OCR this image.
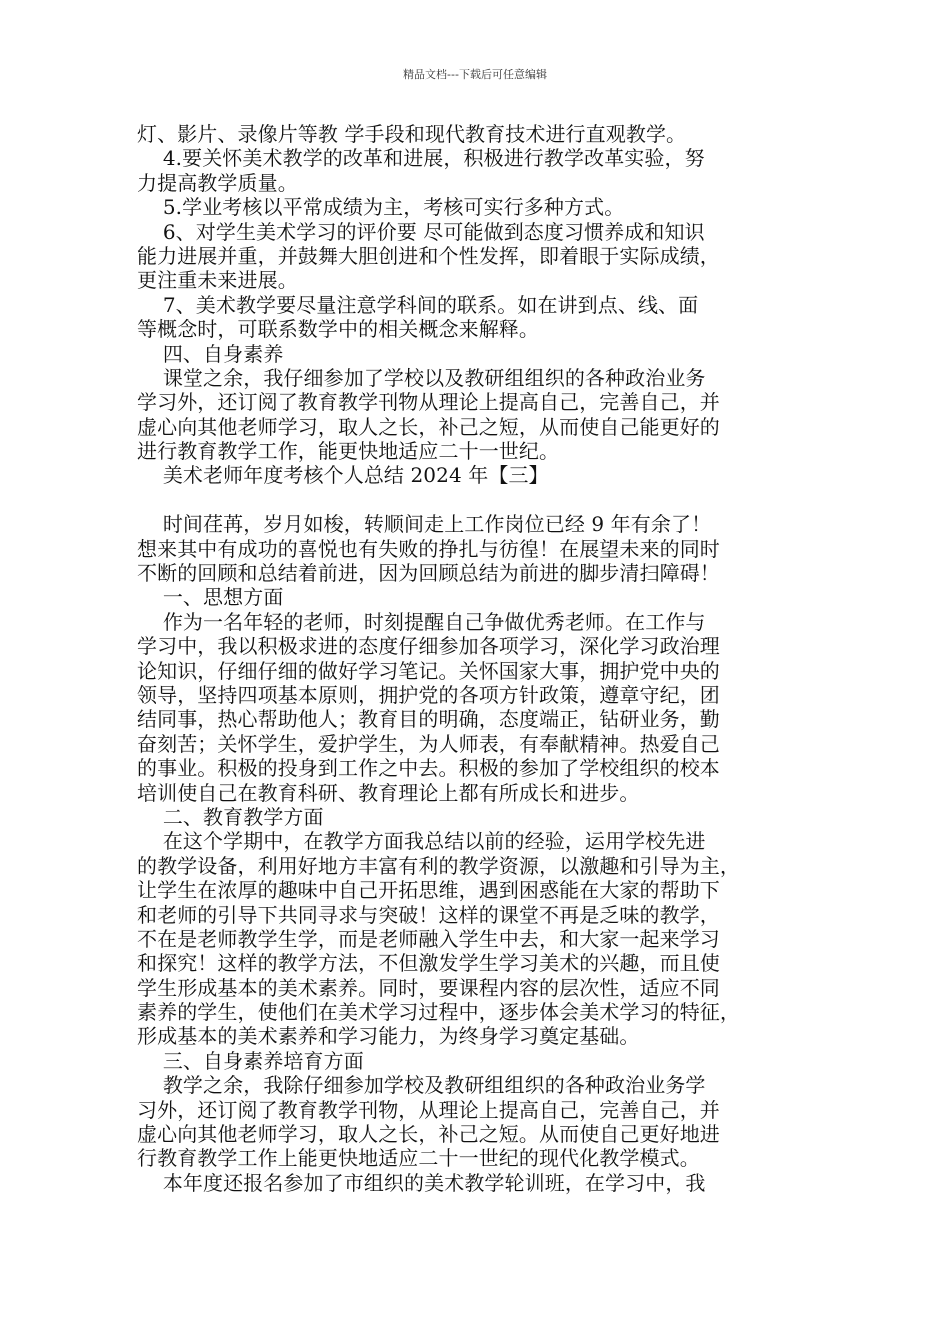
精品文档---下载后可任意编辑
灯、影片、录像片等教 学手段和现代教育技术进行直观教学。
4.要关怀美术教学的改革和进展，积极进行教学改革实验，努
力提高教学质量。
5.学业考核以平常成绩为主，考核可实行多种方式。
6、对学生美术学习的评价要 尽可能做到态度习惯养成和知识
能力进展并重，并鼓舞大胆创进和个性发挥，即着眼于实际成绩，
更注重未来进展。
7、美术教学要尽量注意学科间的联系。如在讲到点、线、面
等概念时，可联系数学中的相关概念来解释。
四、自身素养
课堂之余，我仔细参加了学校以及教研组组织的各种政治业务
学习外，还订阅了教育教学刊物从理论上提高自己，完善自己，并
虚心向其他老师学习，取人之长，补己之短，从而使自己能更好的
进行教育教学工作，能更快地适应二十一世纪。
美术老师年度考核个人总结 2024 年【三】
时间荏苒，岁月如梭，转顺间走上工作岗位已经 9 年有余了！
想来其中有成功的喜悦也有失败的挣扎与彷徨！在展望未来的同时
不断的回顾和总结着前进，因为回顾总结为前进的脚步清扫障碍！
一、思想方面
作为一名年轻的老师，时刻提醒自己争做优秀老师。在工作与
学习中，我以积极求进的态度仔细参加各项学习，深化学习政治理
论知识，仔细仔细的做好学习笔记。关怀国家大事，拥护党中央的
领导，坚持四项基本原则，拥护党的各项方针政策，遵章守纪，团
结同事，热心帮助他人；教育目的明确，态度端正，钻研业务，勤
奋刻苦；关怀学生，爱护学生，为人师表，有奉献精神。热爱自己
的事业。积极的投身到工作之中去。积极的参加了学校组织的校本
培训使自己在教育科研、教育理论上都有所成长和进步。
二、教育教学方面
在这个学期中，在教学方面我总结以前的经验，运用学校先进
的教学设备，利用好地方丰富有利的教学资源，以激趣和引导为主，
让学生在浓厚的趣味中自己开拓思维，遇到困惑能在大家的帮助下
和老师的引导下共同寻求与突破！这样的课堂不再是乏味的教学，
不在是老师教学生学，而是老师融入学生中去，和大家一起来学习
和探究！这样的教学方法，不但激发学生学习美术的兴趣，而且使
学生形成基本的美术素养。同时，要课程内容的层次性，适应不同
素养的学生，使他们在美术学习过程中，逐步体会美术学习的特征，
形成基本的美术素养和学习能力，为终身学习奠定基础。
三、自身素养培育方面
教学之余，我除仔细参加学校及教研组组织的各种政治业务学
习外，还订阅了教育教学刊物，从理论上提高自己，完善自己，并
虚心向其他老师学习，取人之长，补己之短。从而使自己更好地进
行教育教学工作上能更快地适应二十一世纪的现代化教学模式。
本年度还报名参加了市组织的美术教学轮训班，在学习中，我
